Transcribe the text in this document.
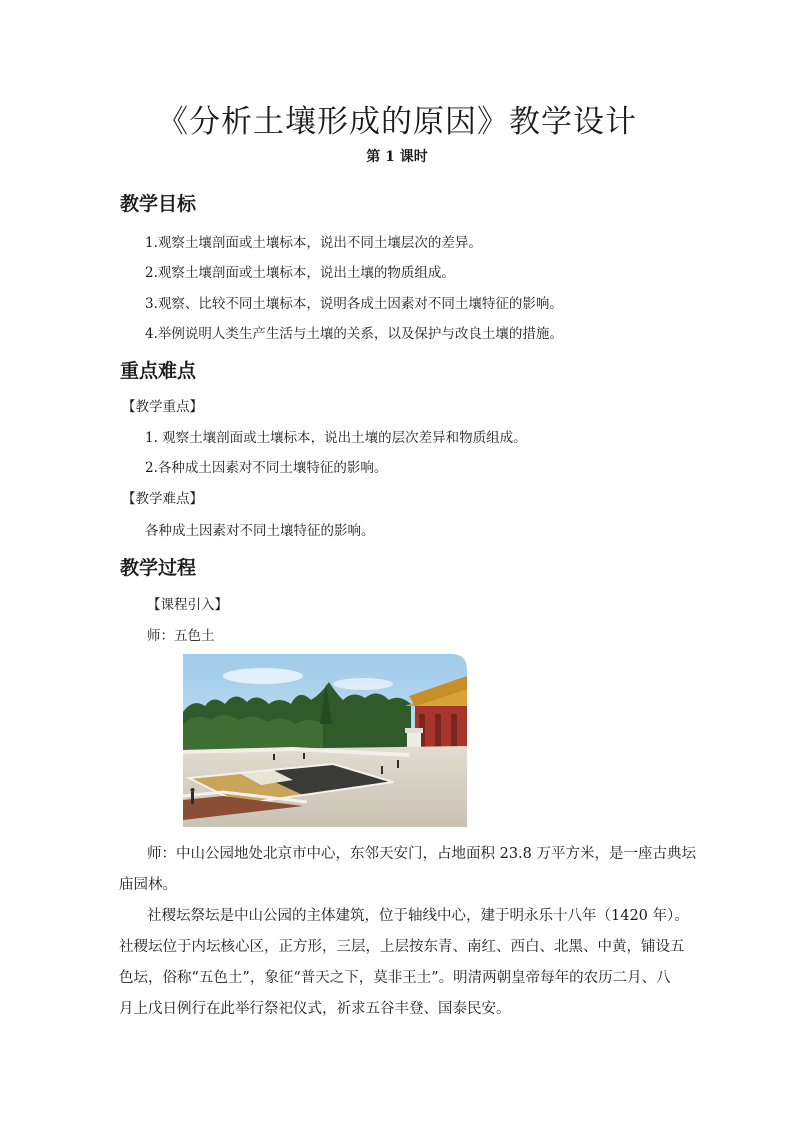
《分析土壤形成的原因》教学设计
第 1 课时
教学目标
1.观察土壤剖面或土壤标本，说出不同土壤层次的差异。
2.观察土壤剖面或土壤标本，说出土壤的物质组成。
3.观察、比较不同土壤标本，说明各成土因素对不同土壤特征的影响。
4.举例说明人类生产生活与土壤的关系，以及保护与改良土壤的措施。
重点难点
【教学重点】
1. 观察土壤剖面或土壤标本，说出土壤的层次差异和物质组成。
2.各种成土因素对不同土壤特征的影响。
【教学难点】
各种成土因素对不同土壤特征的影响。
教学过程
【课程引入】
师：五色土
师：中山公园地处北京市中心，东邻天安门，占地面积 23.8 万平方米，是一座古典坛
庙园林。
社稷坛祭坛是中山公园的主体建筑，位于轴线中心，建于明永乐十八年（1420 年）。
社稷坛位于内坛核心区，正方形，三层，上层按东青、南红、西白、北黑、中黄，铺设五
色坛，俗称“五色土”，象征“普天之下，莫非王土”。明清两朝皇帝每年的农历二月、八
月上戊日例行在此举行祭祀仪式，祈求五谷丰登、国泰民安。
